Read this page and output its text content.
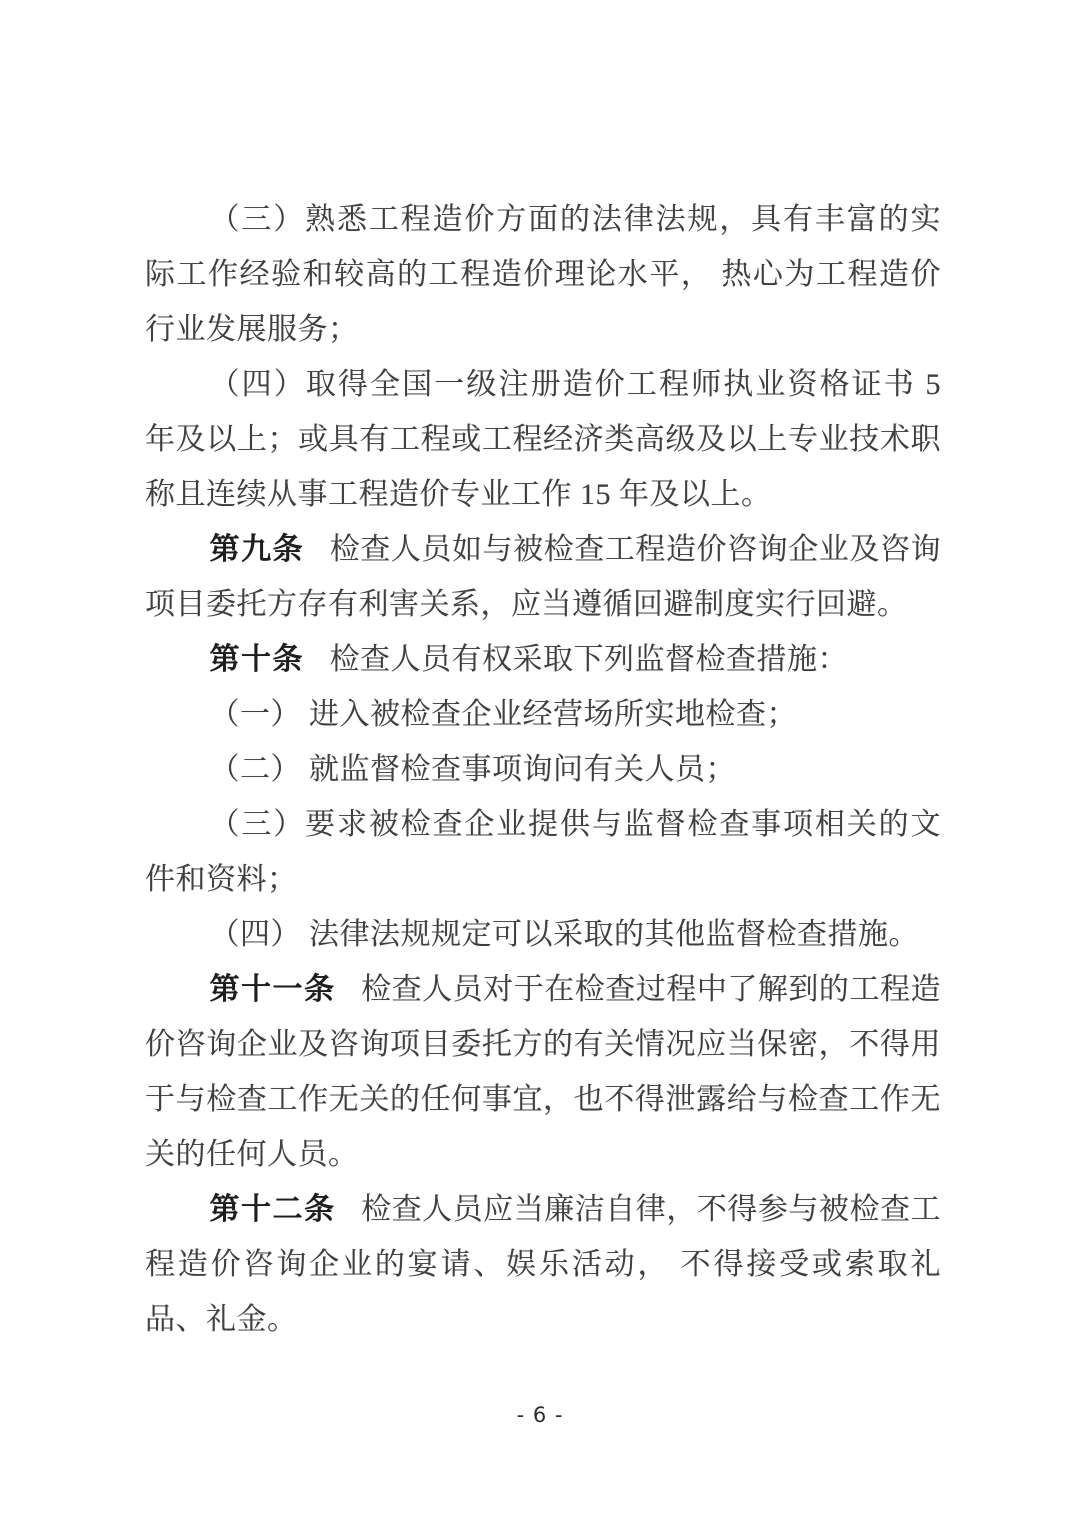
（三）熟悉工程造价方面的法律法规，具有丰富的实际工作经验和较高的工程造价理论水平， 热心为工程造价行业发展服务；

（四）取得全国一级注册造价工程师执业资格证书 5 年及以上；或具有工程或工程经济类高级及以上专业技术职称且连续从事工程造价专业工作 15 年及以上。

第九条 检查人员如与被检查工程造价咨询企业及咨询项目委托方存有利害关系，应当遵循回避制度实行回避。

第十条 检查人员有权采取下列监督检查措施：

（一） 进入被检查企业经营场所实地检查；

（二） 就监督检查事项询问有关人员；

（三）要求被检查企业提供与监督检查事项相关的文件和资料；

（四） 法律法规规定可以采取的其他监督检查措施。

第十一条 检查人员对于在检查过程中了解到的工程造价咨询企业及咨询项目委托方的有关情况应当保密，不得用于与检查工作无关的任何事宜，也不得泄露给与检查工作无关的任何人员。

第十二条 检查人员应当廉洁自律，不得参与被检查工程造价咨询企业的宴请、娱乐活动， 不得接受或索取礼品、礼金。

- 6 -
